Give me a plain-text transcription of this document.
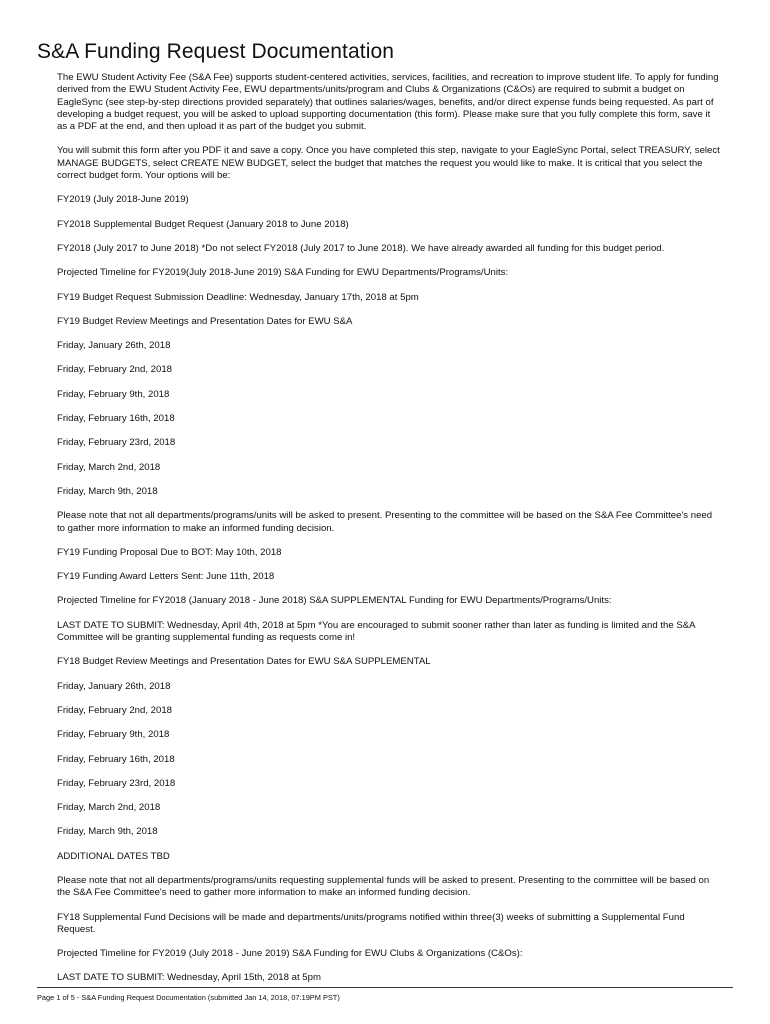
S&A Funding Request Documentation

The EWU Student Activity Fee (S&A Fee) supports student-centered activities, services, facilities, and recreation to improve student life. To apply for funding derived from the EWU Student Activity Fee, EWU departments/units/program and Clubs & Organizations (C&Os) are required to submit a budget on EagleSync (see step-by-step directions provided separately) that outlines salaries/wages, benefits, and/or direct expense funds being requested. As part of developing a budget request, you will be asked to upload supporting documentation (this form). Please make sure that you fully complete this form, save it as a PDF at the end, and then upload it as part of the budget you submit.

You will submit this form after you PDF it and save a copy. Once you have completed this step, navigate to your EagleSync Portal, select TREASURY, select MANAGE BUDGETS, select CREATE NEW BUDGET, select the budget that matches the request you would like to make. It is critical that you select the correct budget form. Your options will be:

FY2019 (July 2018-June 2019)

FY2018 Supplemental Budget Request (January 2018 to June 2018)

FY2018 (July 2017 to June 2018) *Do not select FY2018 (July 2017 to June 2018). We have already awarded all funding for this budget period.

Projected Timeline for FY2019(July 2018-June 2019) S&A Funding for EWU Departments/Programs/Units:

FY19 Budget Request Submission Deadline: Wednesday, January 17th, 2018 at 5pm

FY19 Budget Review Meetings and Presentation Dates for EWU S&A

Friday, January 26th, 2018

Friday, February 2nd, 2018

Friday, February 9th, 2018

Friday, February 16th, 2018

Friday, February 23rd, 2018

Friday, March 2nd, 2018

Friday, March 9th, 2018

Please note that not all departments/programs/units will be asked to present. Presenting to the committee will be based on the S&A Fee Committee's need to gather more information to make an informed funding decision.

FY19 Funding Proposal Due to BOT: May 10th, 2018

FY19 Funding Award Letters Sent: June 11th, 2018

Projected Timeline for FY2018 (January 2018 - June 2018) S&A SUPPLEMENTAL Funding for EWU Departments/Programs/Units:

LAST DATE TO SUBMIT: Wednesday, April 4th, 2018 at 5pm *You are encouraged to submit sooner rather than later as funding is limited and the S&A Committee will be granting supplemental funding as requests come in!

FY18 Budget Review Meetings and Presentation Dates for EWU S&A SUPPLEMENTAL

Friday, January 26th, 2018

Friday, February 2nd, 2018

Friday, February 9th, 2018

Friday, February 16th, 2018

Friday, February 23rd, 2018

Friday, March 2nd, 2018

Friday, March 9th, 2018

ADDITIONAL DATES TBD

Please note that not all departments/programs/units requesting supplemental funds will be asked to present. Presenting to the committee will be based on the S&A Fee Committee's need to gather more information to make an informed funding decision.

FY18 Supplemental Fund Decisions will be made and departments/units/programs notified within three(3) weeks of submitting a Supplemental Fund Request.

Projected Timeline for FY2019 (July 2018 - June 2019) S&A Funding for EWU Clubs & Organizations (C&Os):

LAST DATE TO SUBMIT: Wednesday, April 15th, 2018 at 5pm

Page 1 of 5 - S&A Funding Request Documentation (submitted Jan 14, 2018, 07:19PM PST)
